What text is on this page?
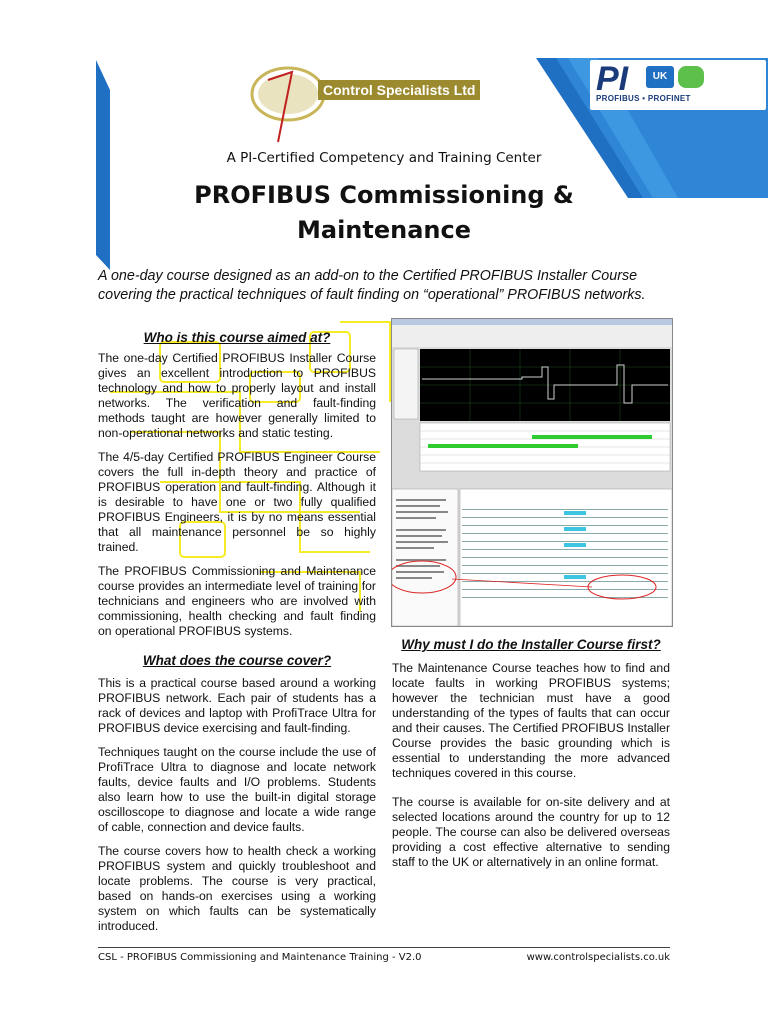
PI	UK
PROFIBUS • PROFINET
Control Specialists Ltd
A PI-Certified Competency and Training Center
PROFIBUS Commissioning &
Maintenance
A one-day course designed as an add-on to the Certified PROFIBUS Installer Course covering the practical techniques of fault finding on “operational” PROFIBUS networks.
Who is this course aimed at?

The one-day Certified PROFIBUS Installer Course gives an excellent introduction to PROFIBUS technology and how to properly layout and install networks. The verification and fault-finding methods taught are however generally limited to non-operational networks and static testing.

The 4/5-day Certified PROFIBUS Engineer Course covers the full in-depth theory and practice of PROFIBUS operation and fault-finding. Although it is desirable to have one or two fully qualified PROFIBUS Engineers, it is by no means essential that all maintenance personnel be so highly trained.

The PROFIBUS Commissioning and Maintenance course provides an intermediate level of training for technicians and engineers who are involved with commissioning, health checking and fault finding on operational PROFIBUS systems.

What does the course cover?

This is a practical course based around a working PROFIBUS network. Each pair of students has a rack of devices and laptop with ProfiTrace Ultra for PROFIBUS device exercising and fault-finding.

Techniques taught on the course include the use of ProfiTrace Ultra to diagnose and locate network faults, device faults and I/O problems. Students also learn how to use the built-in digital storage oscilloscope to diagnose and locate a wide range of cable, connection and device faults.

The course covers how to health check a working PROFIBUS system and quickly troubleshoot and locate problems. The course is very practical, based on hands-on exercises using a working system on which faults can be systematically introduced.

Why must I do the Installer Course first?

The Maintenance Course teaches how to find and locate faults in working PROFIBUS systems; however the technician must have a good understanding of the types of faults that can occur and their causes. The Certified PROFIBUS Installer Course provides the basic grounding which is essential to understanding the more advanced techniques covered in this course.

The course is available for on-site delivery and at selected locations around the country for up to 12 people. The course can also be delivered overseas providing a cost effective alternative to sending staff to the UK or alternatively in an online format.

CSL - PROFIBUS Commissioning and Maintenance Training - V2.0	www.controlspecialists.co.uk
